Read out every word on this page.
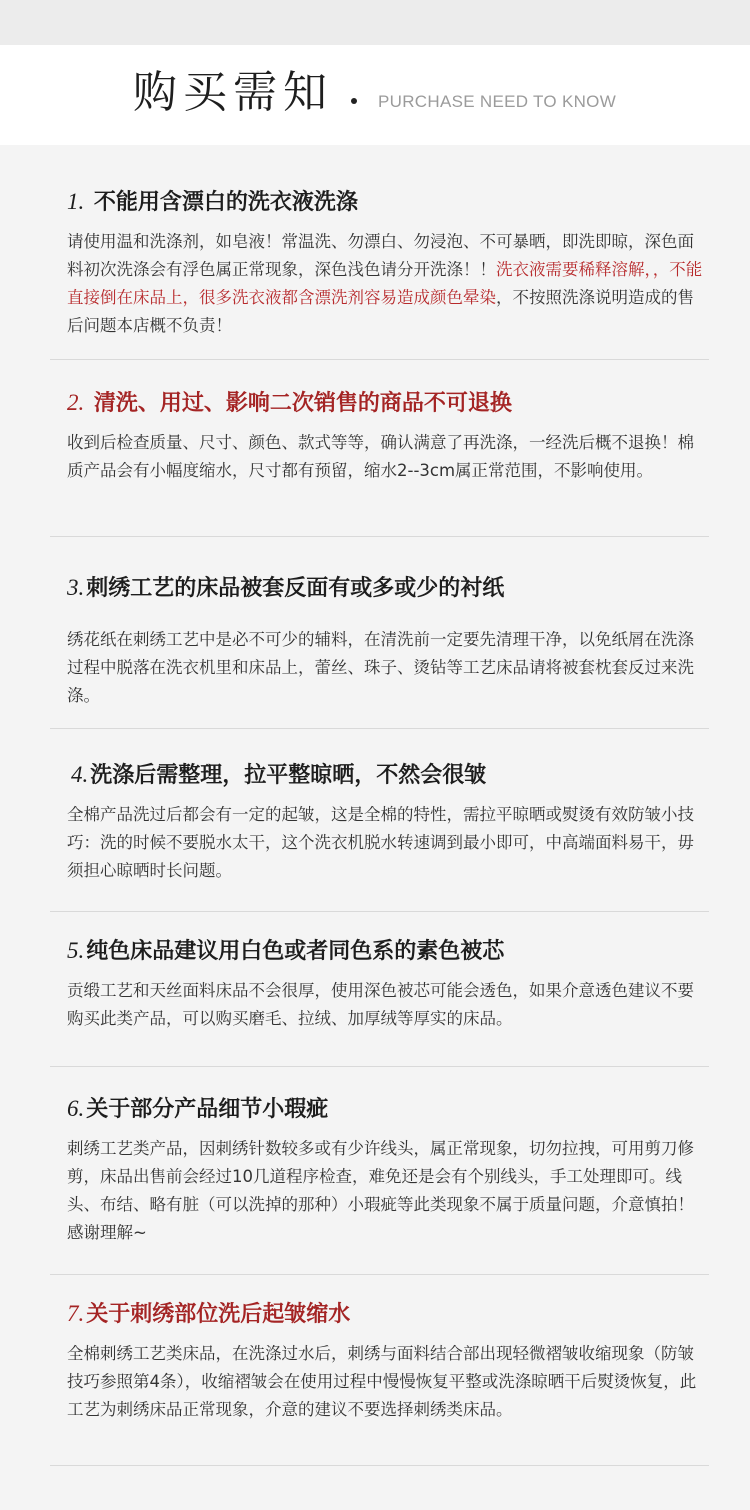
购买需知	PURCHASE NEED TO KNOW
1. 不能用含漂白的洗衣液洗涤

请使用温和洗涤剂，如皂液！常温洗、勿漂白、勿浸泡、不可暴晒，即洗即晾，深色面料初次洗涤会有浮色属正常现象，深色浅色请分开洗涤！！洗衣液需要稀释溶解，，不能直接倒在床品上，很多洗衣液都含漂洗剂容易造成颜色晕染，不按照洗涤说明造成的售后问题本店概不负责！

2. 清洗、用过、影响二次销售的商品不可退换

收到后检查质量、尺寸、颜色、款式等等，确认满意了再洗涤，一经洗后概不退换！棉质产品会有小幅度缩水，尺寸都有预留，缩水2--3cm属正常范围，不影响使用。

3.刺绣工艺的床品被套反面有或多或少的衬纸

绣花纸在刺绣工艺中是必不可少的辅料，在清洗前一定要先清理干净，以免纸屑在洗涤过程中脱落在洗衣机里和床品上，蕾丝、珠子、烫钻等工艺床品请将被套枕套反过来洗涤。

4.洗涤后需整理，拉平整晾晒，不然会很皱

全棉产品洗过后都会有一定的起皱，这是全棉的特性，需拉平晾晒或熨烫有效防皱小技巧：洗的时候不要脱水太干，这个洗衣机脱水转速调到最小即可，中高端面料易干，毋须担心晾晒时长问题。

5.纯色床品建议用白色或者同色系的素色被芯

贡缎工艺和天丝面料床品不会很厚，使用深色被芯可能会透色，如果介意透色建议不要购买此类产品，可以购买磨毛、拉绒、加厚绒等厚实的床品。

6.关于部分产品细节小瑕疵

刺绣工艺类产品，因刺绣针数较多或有少许线头，属正常现象，切勿拉拽，可用剪刀修剪，床品出售前会经过10几道程序检查，难免还是会有个别线头，手工处理即可。线头、布结、略有脏（可以洗掉的那种）小瑕疵等此类现象不属于质量问题，介意慎拍！感谢理解~

7.关于刺绣部位洗后起皱缩水

全棉刺绣工艺类床品，在洗涤过水后，刺绣与面料结合部出现轻微褶皱收缩现象（防皱技巧参照第4条），收缩褶皱会在使用过程中慢慢恢复平整或洗涤晾晒干后熨烫恢复，此工艺为刺绣床品正常现象，介意的建议不要选择刺绣类床品。
